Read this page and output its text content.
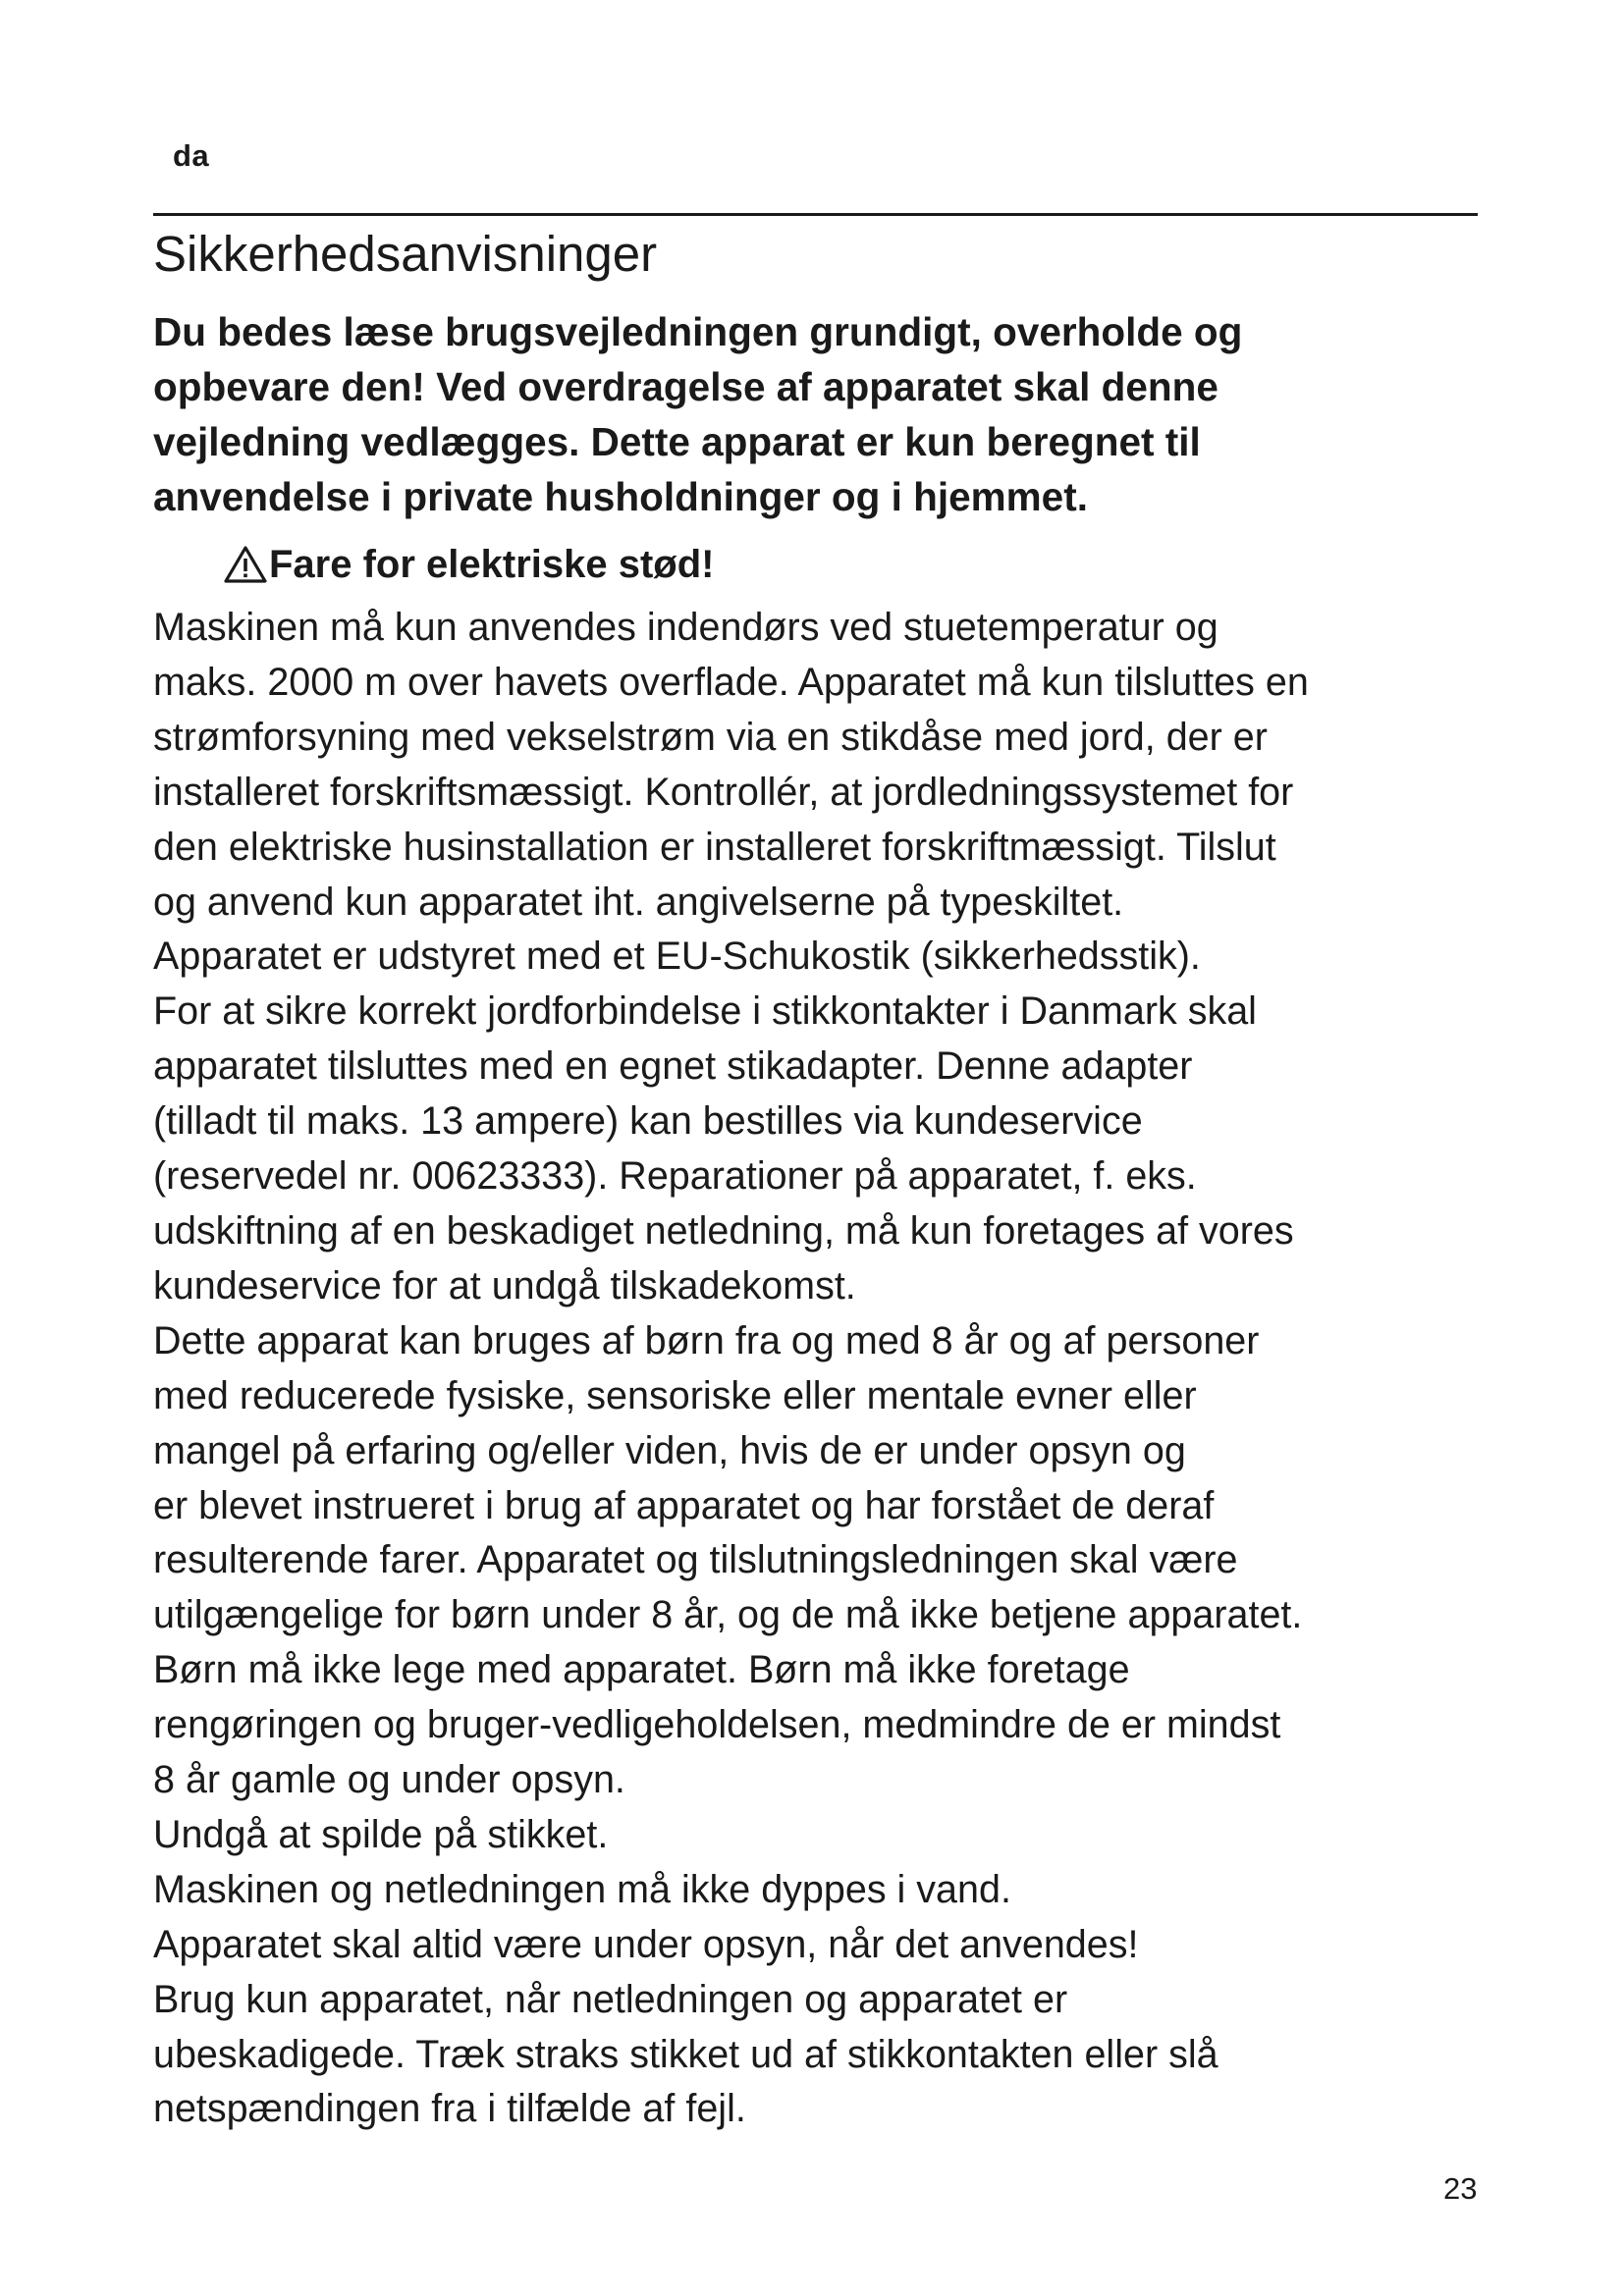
da
Sikkerhedsanvisninger

Du bedes læse brugsvejledningen grundigt, overholde og
opbevare den! Ved overdragelse af apparatet skal denne
vejledning vedlægges. Dette apparat er kun beregnet til
anvendelse i private husholdninger og i hjemmet.

Fare for elektriske stød!

Maskinen må kun anvendes indendørs ved stuetemperatur og
maks. 2000 m over havets overflade. Apparatet må kun tilsluttes en
strømforsyning med vekselstrøm via en stikdåse med jord, der er
installeret forskriftsmæssigt. Kontrollér, at jordledningssystemet for
den elektriske husinstallation er installeret forskriftmæssigt. Tilslut
og anvend kun apparatet iht. angivelserne på typeskiltet.
Apparatet er udstyret med et EU-Schukostik (sikkerhedsstik).
For at sikre korrekt jordforbindelse i stikkontakter i Danmark skal
apparatet tilsluttes med en egnet stikadapter. Denne adapter
(tilladt til maks. 13 ampere) kan bestilles via kundeservice
(reservedel nr. 00623333). Reparationer på apparatet, f. eks.
udskiftning af en beskadiget netledning, må kun foretages af vores
kundeservice for at undgå tilskadekomst.
Dette apparat kan bruges af børn fra og med 8 år og af personer
med reducerede fysiske, sensoriske eller mentale evner eller
mangel på erfaring og/eller viden, hvis de er under opsyn og
er blevet instrueret i brug af apparatet og har forstået de deraf
resulterende farer. Apparatet og tilslutningsledningen skal være
utilgængelige for børn under 8 år, og de må ikke betjene apparatet.
Børn må ikke lege med apparatet. Børn må ikke foretage
rengøringen og bruger-vedligeholdelsen, medmindre de er mindst
8 år gamle og under opsyn.
Undgå at spilde på stikket.
Maskinen og netledningen må ikke dyppes i vand.
Apparatet skal altid være under opsyn, når det anvendes!
Brug kun apparatet, når netledningen og apparatet er
ubeskadigede. Træk straks stikket ud af stikkontakten eller slå
netspændingen fra i tilfælde af fejl.

23
